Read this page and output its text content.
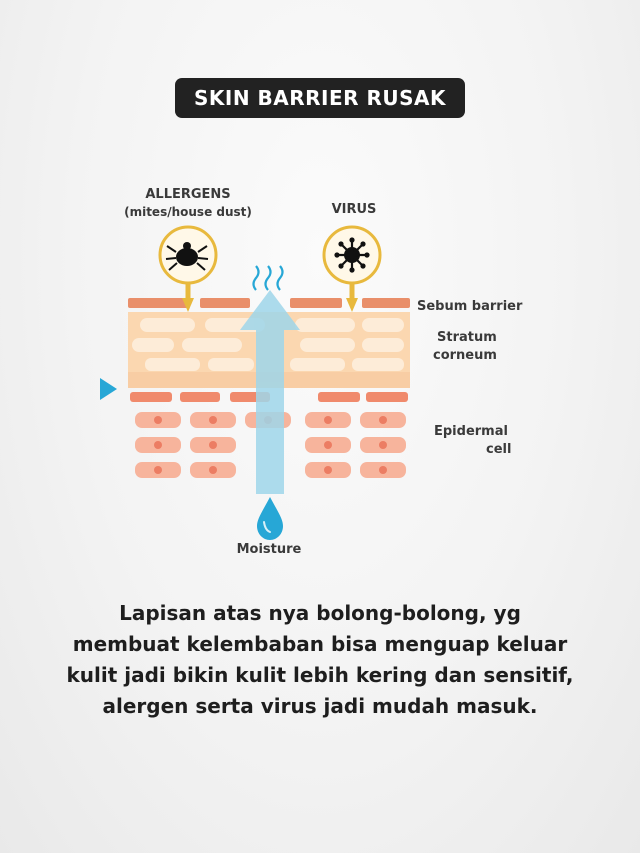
SKIN BARRIER RUSAK
ALLERGENS
(mites/house dust)	VIRUS
Sebum barrier
Stratum
corneum
Epidermal
cell
Moisture
Lapisan atas nya bolong-bolong, yg
membuat kelembaban bisa menguap keluar
kulit jadi bikin kulit lebih kering dan sensitif,
alergen serta virus jadi mudah masuk.
